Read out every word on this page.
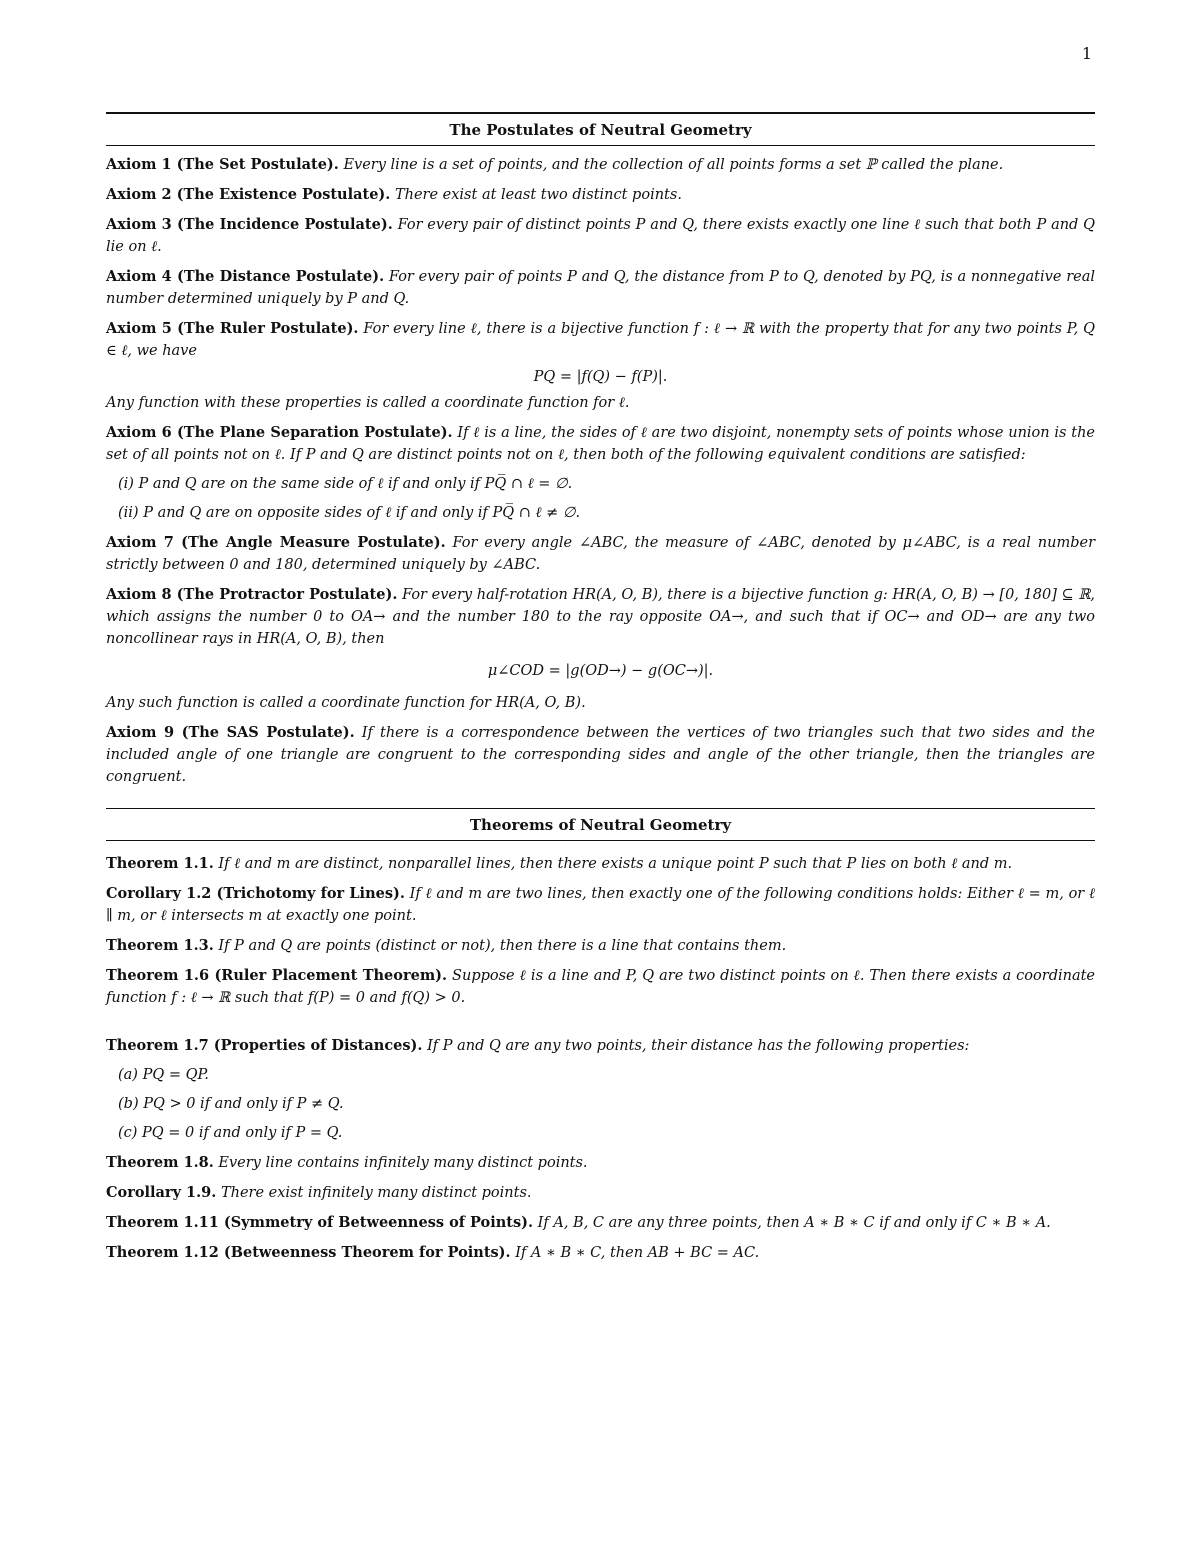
1
The Postulates of Neutral Geometry
Axiom 1 (The Set Postulate). Every line is a set of points, and the collection of all points forms a set ℙ called the plane.
Axiom 2 (The Existence Postulate). There exist at least two distinct points.
Axiom 3 (The Incidence Postulate). For every pair of distinct points P and Q, there exists exactly one line ℓ such that both P and Q lie on ℓ.
Axiom 4 (The Distance Postulate). For every pair of points P and Q, the distance from P to Q, denoted by PQ, is a nonnegative real number determined uniquely by P and Q.
Axiom 5 (The Ruler Postulate). For every line ℓ, there is a bijective function f : ℓ → ℝ with the property that for any two points P, Q ∈ ℓ, we have
PQ = |f(Q) − f(P)|.
Any function with these properties is called a coordinate function for ℓ.
Axiom 6 (The Plane Separation Postulate). If ℓ is a line, the sides of ℓ are two disjoint, nonempty sets of points whose union is the set of all points not on ℓ. If P and Q are distinct points not on ℓ, then both of the following equivalent conditions are satisfied:
(i) P and Q are on the same side of ℓ if and only if PQ̅ ∩ ℓ = ∅.
(ii) P and Q are on opposite sides of ℓ if and only if PQ̅ ∩ ℓ ≠ ∅.
Axiom 7 (The Angle Measure Postulate). For every angle ∠ABC, the measure of ∠ABC, denoted by μ∠ABC, is a real number strictly between 0 and 180, determined uniquely by ∠ABC.
Axiom 8 (The Protractor Postulate). For every half-rotation HR(A, O, B), there is a bijective function g: HR(A, O, B) → [0, 180] ⊆ ℝ, which assigns the number 0 to OA→ and the number 180 to the ray opposite OA→, and such that if OC→ and OD→ are any two noncollinear rays in HR(A, O, B), then
μ∠COD = |g(OD→) − g(OC→)|.
Any such function is called a coordinate function for HR(A, O, B).
Axiom 9 (The SAS Postulate). If there is a correspondence between the vertices of two triangles such that two sides and the included angle of one triangle are congruent to the corresponding sides and angle of the other triangle, then the triangles are congruent.
Theorems of Neutral Geometry
Theorem 1.1. If ℓ and m are distinct, nonparallel lines, then there exists a unique point P such that P lies on both ℓ and m.
Corollary 1.2 (Trichotomy for Lines). If ℓ and m are two lines, then exactly one of the following conditions holds: Either ℓ = m, or ℓ ∥ m, or ℓ intersects m at exactly one point.
Theorem 1.3. If P and Q are points (distinct or not), then there is a line that contains them.
Theorem 1.6 (Ruler Placement Theorem). Suppose ℓ is a line and P, Q are two distinct points on ℓ. Then there exists a coordinate function f : ℓ → ℝ such that f(P) = 0 and f(Q) > 0.
Theorem 1.7 (Properties of Distances). If P and Q are any two points, their distance has the following properties:
(a) PQ = QP.
(b) PQ > 0 if and only if P ≠ Q.
(c) PQ = 0 if and only if P = Q.
Theorem 1.8. Every line contains infinitely many distinct points.
Corollary 1.9. There exist infinitely many distinct points.
Theorem 1.11 (Symmetry of Betweenness of Points). If A, B, C are any three points, then A ∗ B ∗ C if and only if C ∗ B ∗ A.
Theorem 1.12 (Betweenness Theorem for Points). If A ∗ B ∗ C, then AB + BC = AC.
